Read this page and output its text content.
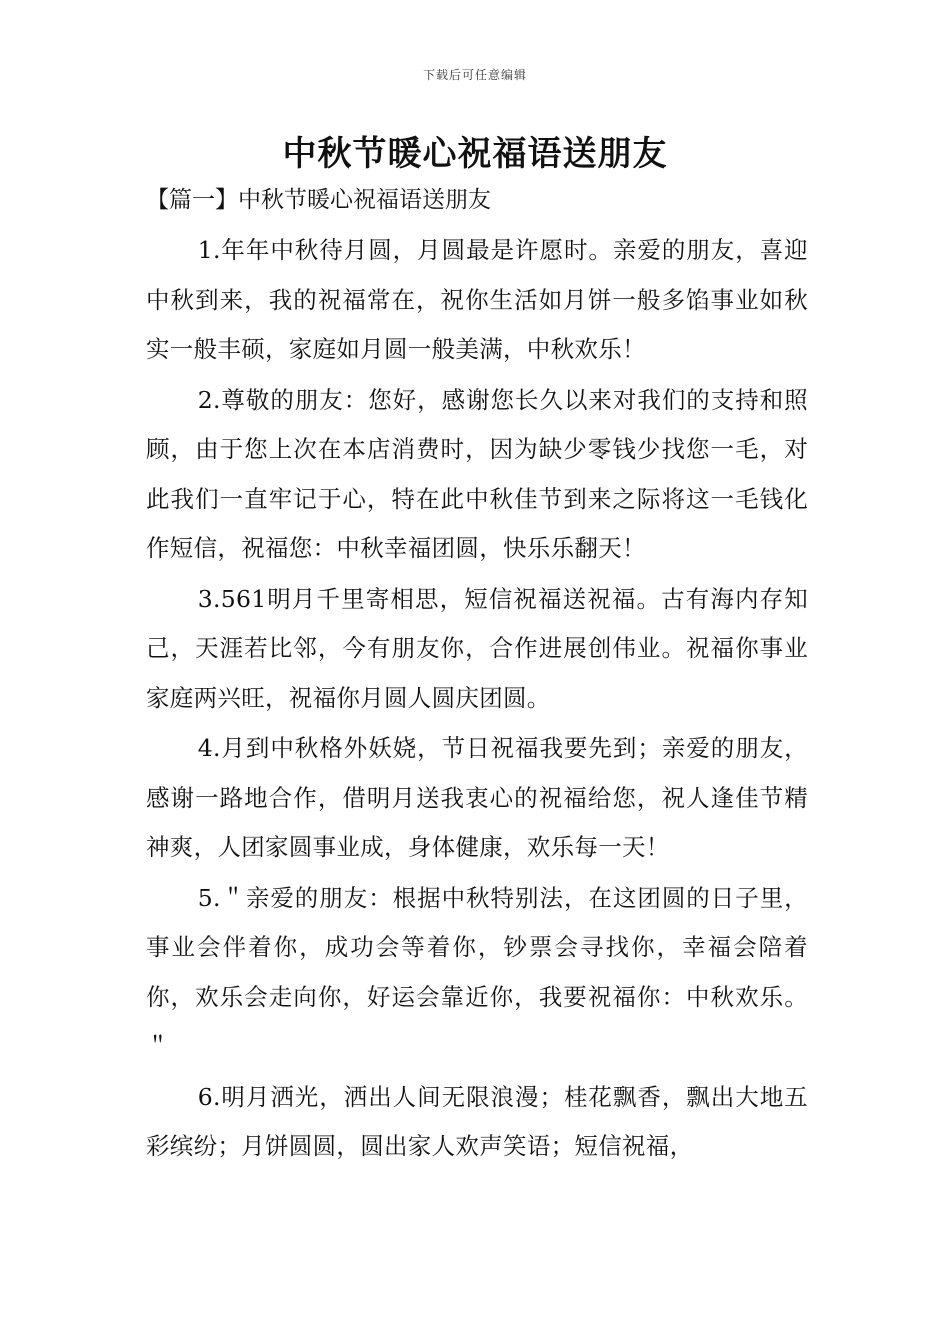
下载后可任意编辑
中秋节暖心祝福语送朋友
【篇一】中秋节暖心祝福语送朋友

1.年年中秋待月圆，月圆最是许愿时。亲爱的朋友，喜迎中秋到来，我的祝福常在，祝你生活如月饼一般多馅事业如秋实一般丰硕，家庭如月圆一般美满，中秋欢乐！

2.尊敬的朋友：您好，感谢您长久以来对我们的支持和照顾，由于您上次在本店消费时，因为缺少零钱少找您一毛，对此我们一直牢记于心，特在此中秋佳节到来之际将这一毛钱化作短信，祝福您：中秋幸福团圆，快乐乐翻天！

3.561明月千里寄相思，短信祝福送祝福。古有海内存知己，天涯若比邻，今有朋友你，合作进展创伟业。祝福你事业家庭两兴旺，祝福你月圆人圆庆团圆。

4.月到中秋格外妖娆，节日祝福我要先到；亲爱的朋友，感谢一路地合作，借明月送我衷心的祝福给您，祝人逢佳节精神爽，人团家圆事业成，身体健康，欢乐每一天！

5.＂亲爱的朋友：根据中秋特别法，在这团圆的日子里，事业会伴着你，成功会等着你，钞票会寻找你，幸福会陪着你，欢乐会走向你，好运会靠近你，我要祝福你：中秋欢乐。＂

6.明月洒光，洒出人间无限浪漫；桂花飘香，飘出大地五彩缤纷；月饼圆圆，圆出家人欢声笑语；短信祝福，
